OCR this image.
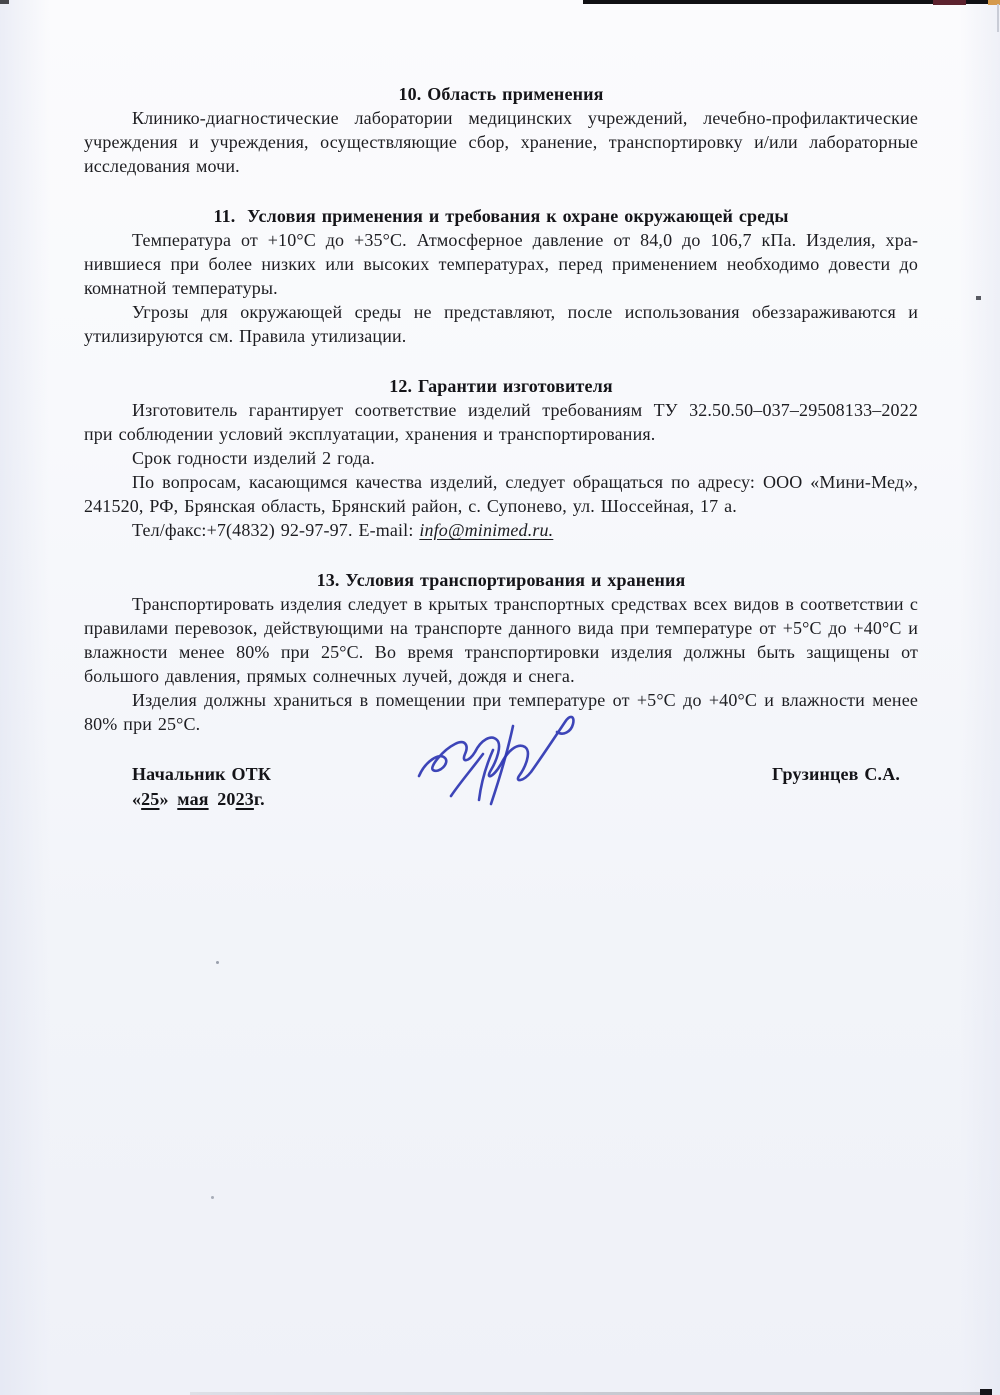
10. Область применения

Клинико-диагностические лаборатории медицинских учреждений, лечебно-профилактические учреждения и учреждения, осуществляющие сбор, хранение, транспортировку и/или лабораторные исследования мочи.

11.  Условия применения и требования к охране окружающей среды

Температура от +10°С до +35°С. Атмосферное давление от 84,0 до 106,7 кПа. Изделия, хранившиеся при более низких или высоких температурах, перед применением необходимо довести до комнатной температуры.

Угрозы для окружающей среды не представляют, после использования обеззараживаются и утилизируются см. Правила утилизации.

12. Гарантии изготовителя

Изготовитель гарантирует соответствие изделий требованиям ТУ 32.50.50–037–29508133–2022 при соблюдении условий эксплуатации, хранения и транспортирования.

Срок годности изделий 2 года.

По вопросам, касающимся качества изделий, следует обращаться по адресу: ООО «Мини-Мед», 241520, РФ, Брянская область, Брянский район, с. Супонево, ул. Шоссейная, 17 а.

Тел/факс:+7(4832) 92-97-97. E-mail: info@minimed.ru.

13. Условия транспортирования и хранения

Транспортировать изделия следует в крытых транспортных средствах всех видов в соответствии с правилами перевозок, действующими на транспорте данного вида при температуре от +5°С до +40°С и влажности менее 80% при 25°С. Во время транспортировки изделия должны быть защищены от большого давления, прямых солнечных лучей, дождя и снега.

Изделия должны храниться в помещении при температуре от +5°С до +40°С и влажности менее 80% при 25°С.

Начальник ОТК
«25» мая 2023г.
Грузинцев С.А.
